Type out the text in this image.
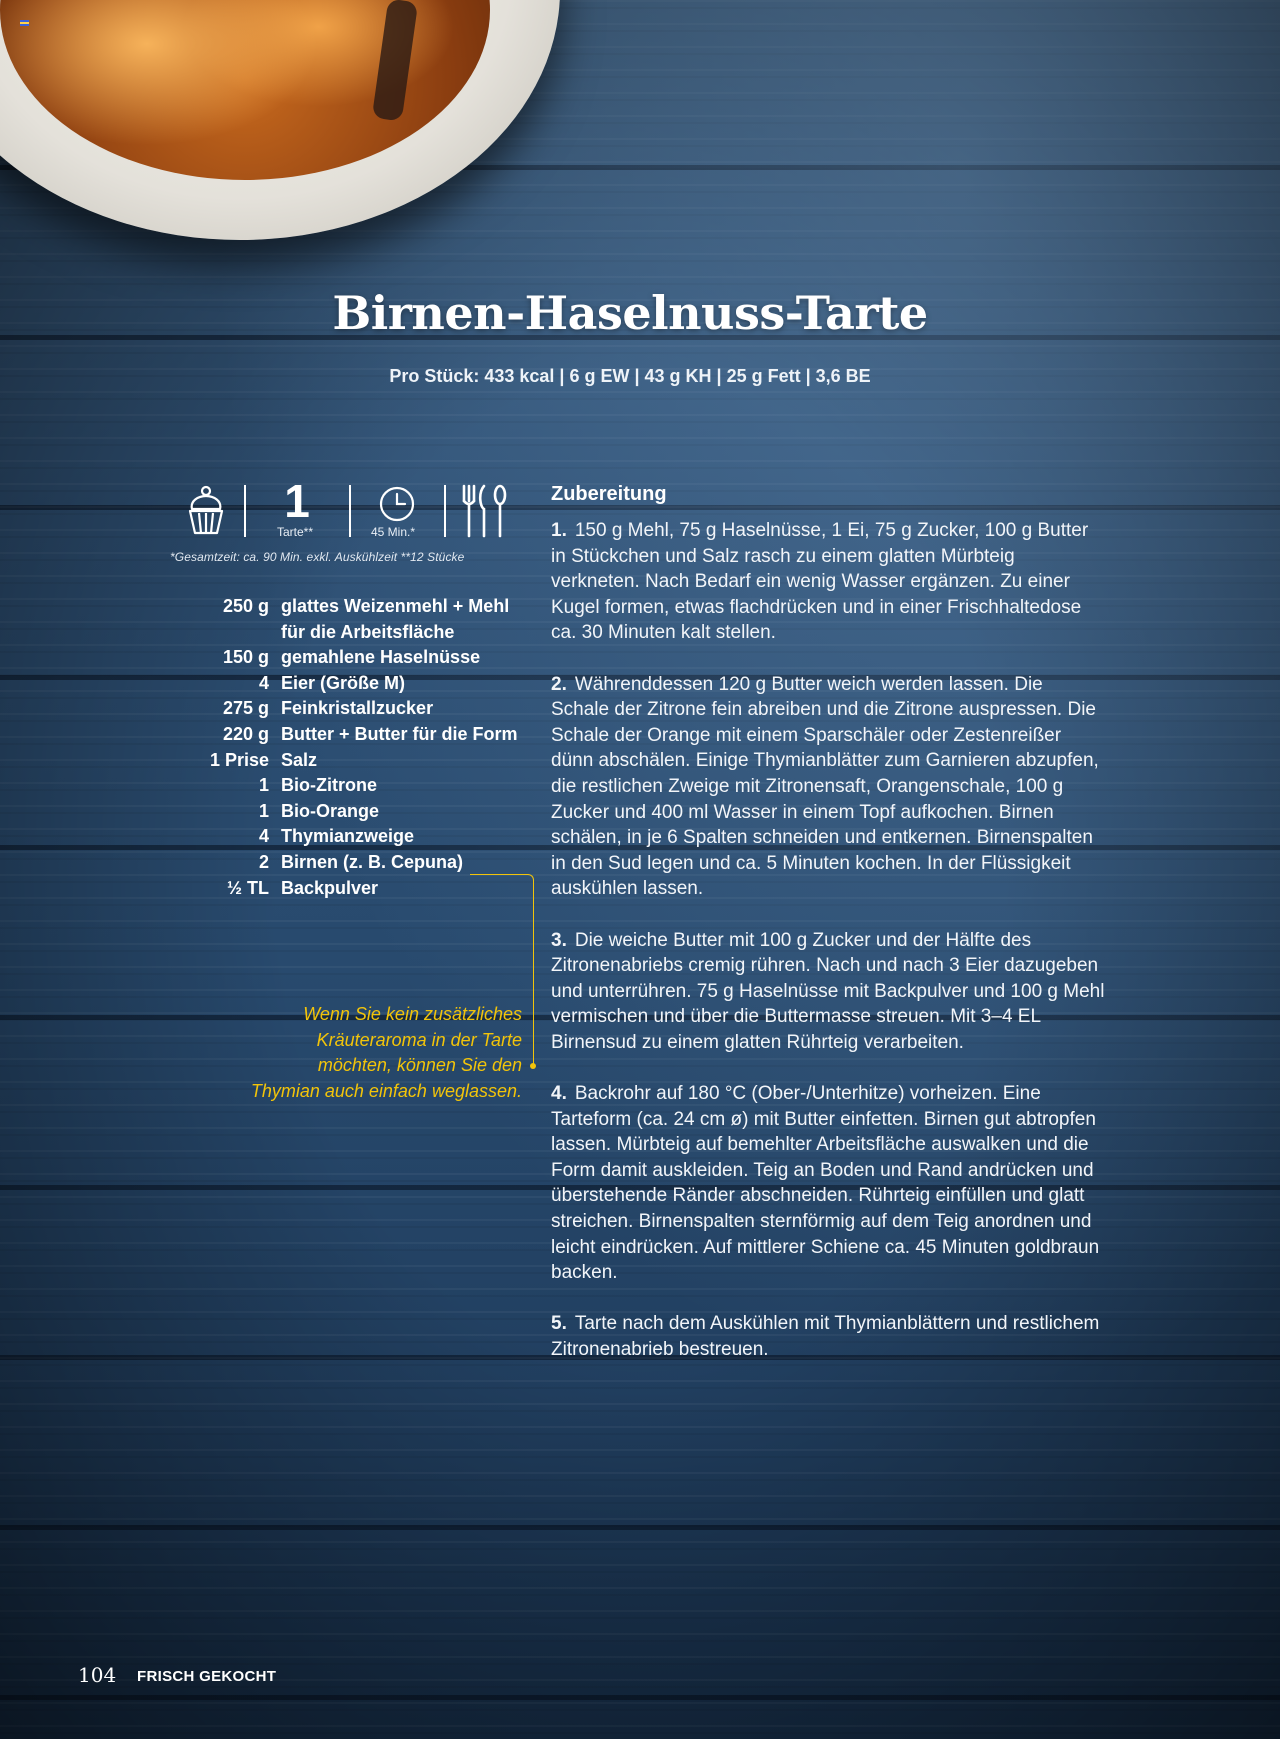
Birnen-Haselnuss-Tarte
Pro Stück: 433 kcal | 6 g EW | 43 g KH | 25 g Fett | 3,6 BE
1
Tarte**	45 Min.*
*Gesamtzeit: ca. 90 Min. exkl. Auskühlzeit **12 Stücke
250 g glattes Weizenmehl + Mehl für die Arbeitsfläche
150 g gemahlene Haselnüsse
4 Eier (Größe M)
275 g Feinkristallzucker
220 g Butter + Butter für die Form
1 Prise Salz
1 Bio-Zitrone
1 Bio-Orange
4 Thymianzweige
2 Birnen (z. B. Cepuna)
½ TL Backpulver
Wenn Sie kein zusätzliches Kräuteraroma in der Tarte möchten, können Sie den Thymian auch einfach weglassen.
Zubereitung

1. 150 g Mehl, 75 g Haselnüsse, 1 Ei, 75 g Zucker, 100 g Butter in Stückchen und Salz rasch zu einem glatten Mürbteig verkneten. Nach Bedarf ein wenig Wasser ergänzen. Zu einer Kugel formen, etwas flachdrücken und in einer Frischhaltedose ca. 30 Minuten kalt stellen.

2. Währenddessen 120 g Butter weich werden lassen. Die Schale der Zitrone fein abreiben und die Zitrone auspressen. Die Schale der Orange mit einem Sparschäler oder Zestenreißer dünn abschälen. Einige Thymianblätter zum Garnieren abzupfen, die restlichen Zweige mit Zitronensaft, Orangenschale, 100 g Zucker und 400 ml Wasser in einem Topf aufkochen. Birnen schälen, in je 6 Spalten schneiden und entkernen. Birnenspalten in den Sud legen und ca. 5 Minuten kochen. In der Flüssigkeit auskühlen lassen.

3. Die weiche Butter mit 100 g Zucker und der Hälfte des Zitronenabriebs cremig rühren. Nach und nach 3 Eier dazugeben und unterrühren. 75 g Haselnüsse mit Backpulver und 100 g Mehl vermischen und über die Buttermasse streuen. Mit 3–4 EL Birnensud zu einem glatten Rührteig verarbeiten.

4. Backrohr auf 180 °C (Ober-/Unterhitze) vorheizen. Eine Tarteform (ca. 24 cm ø) mit Butter einfetten. Birnen gut abtropfen lassen. Mürbteig auf bemehlter Arbeitsfläche auswalken und die Form damit auskleiden. Teig an Boden und Rand andrücken und überstehende Ränder abschneiden. Rührteig einfüllen und glatt streichen. Birnenspalten sternförmig auf dem Teig anordnen und leicht eindrücken. Auf mittlerer Schiene ca. 45 Minuten goldbraun backen.

5. Tarte nach dem Auskühlen mit Thymianblättern und restlichem Zitronenabrieb bestreuen.

104 FRISCH GEKOCHT
